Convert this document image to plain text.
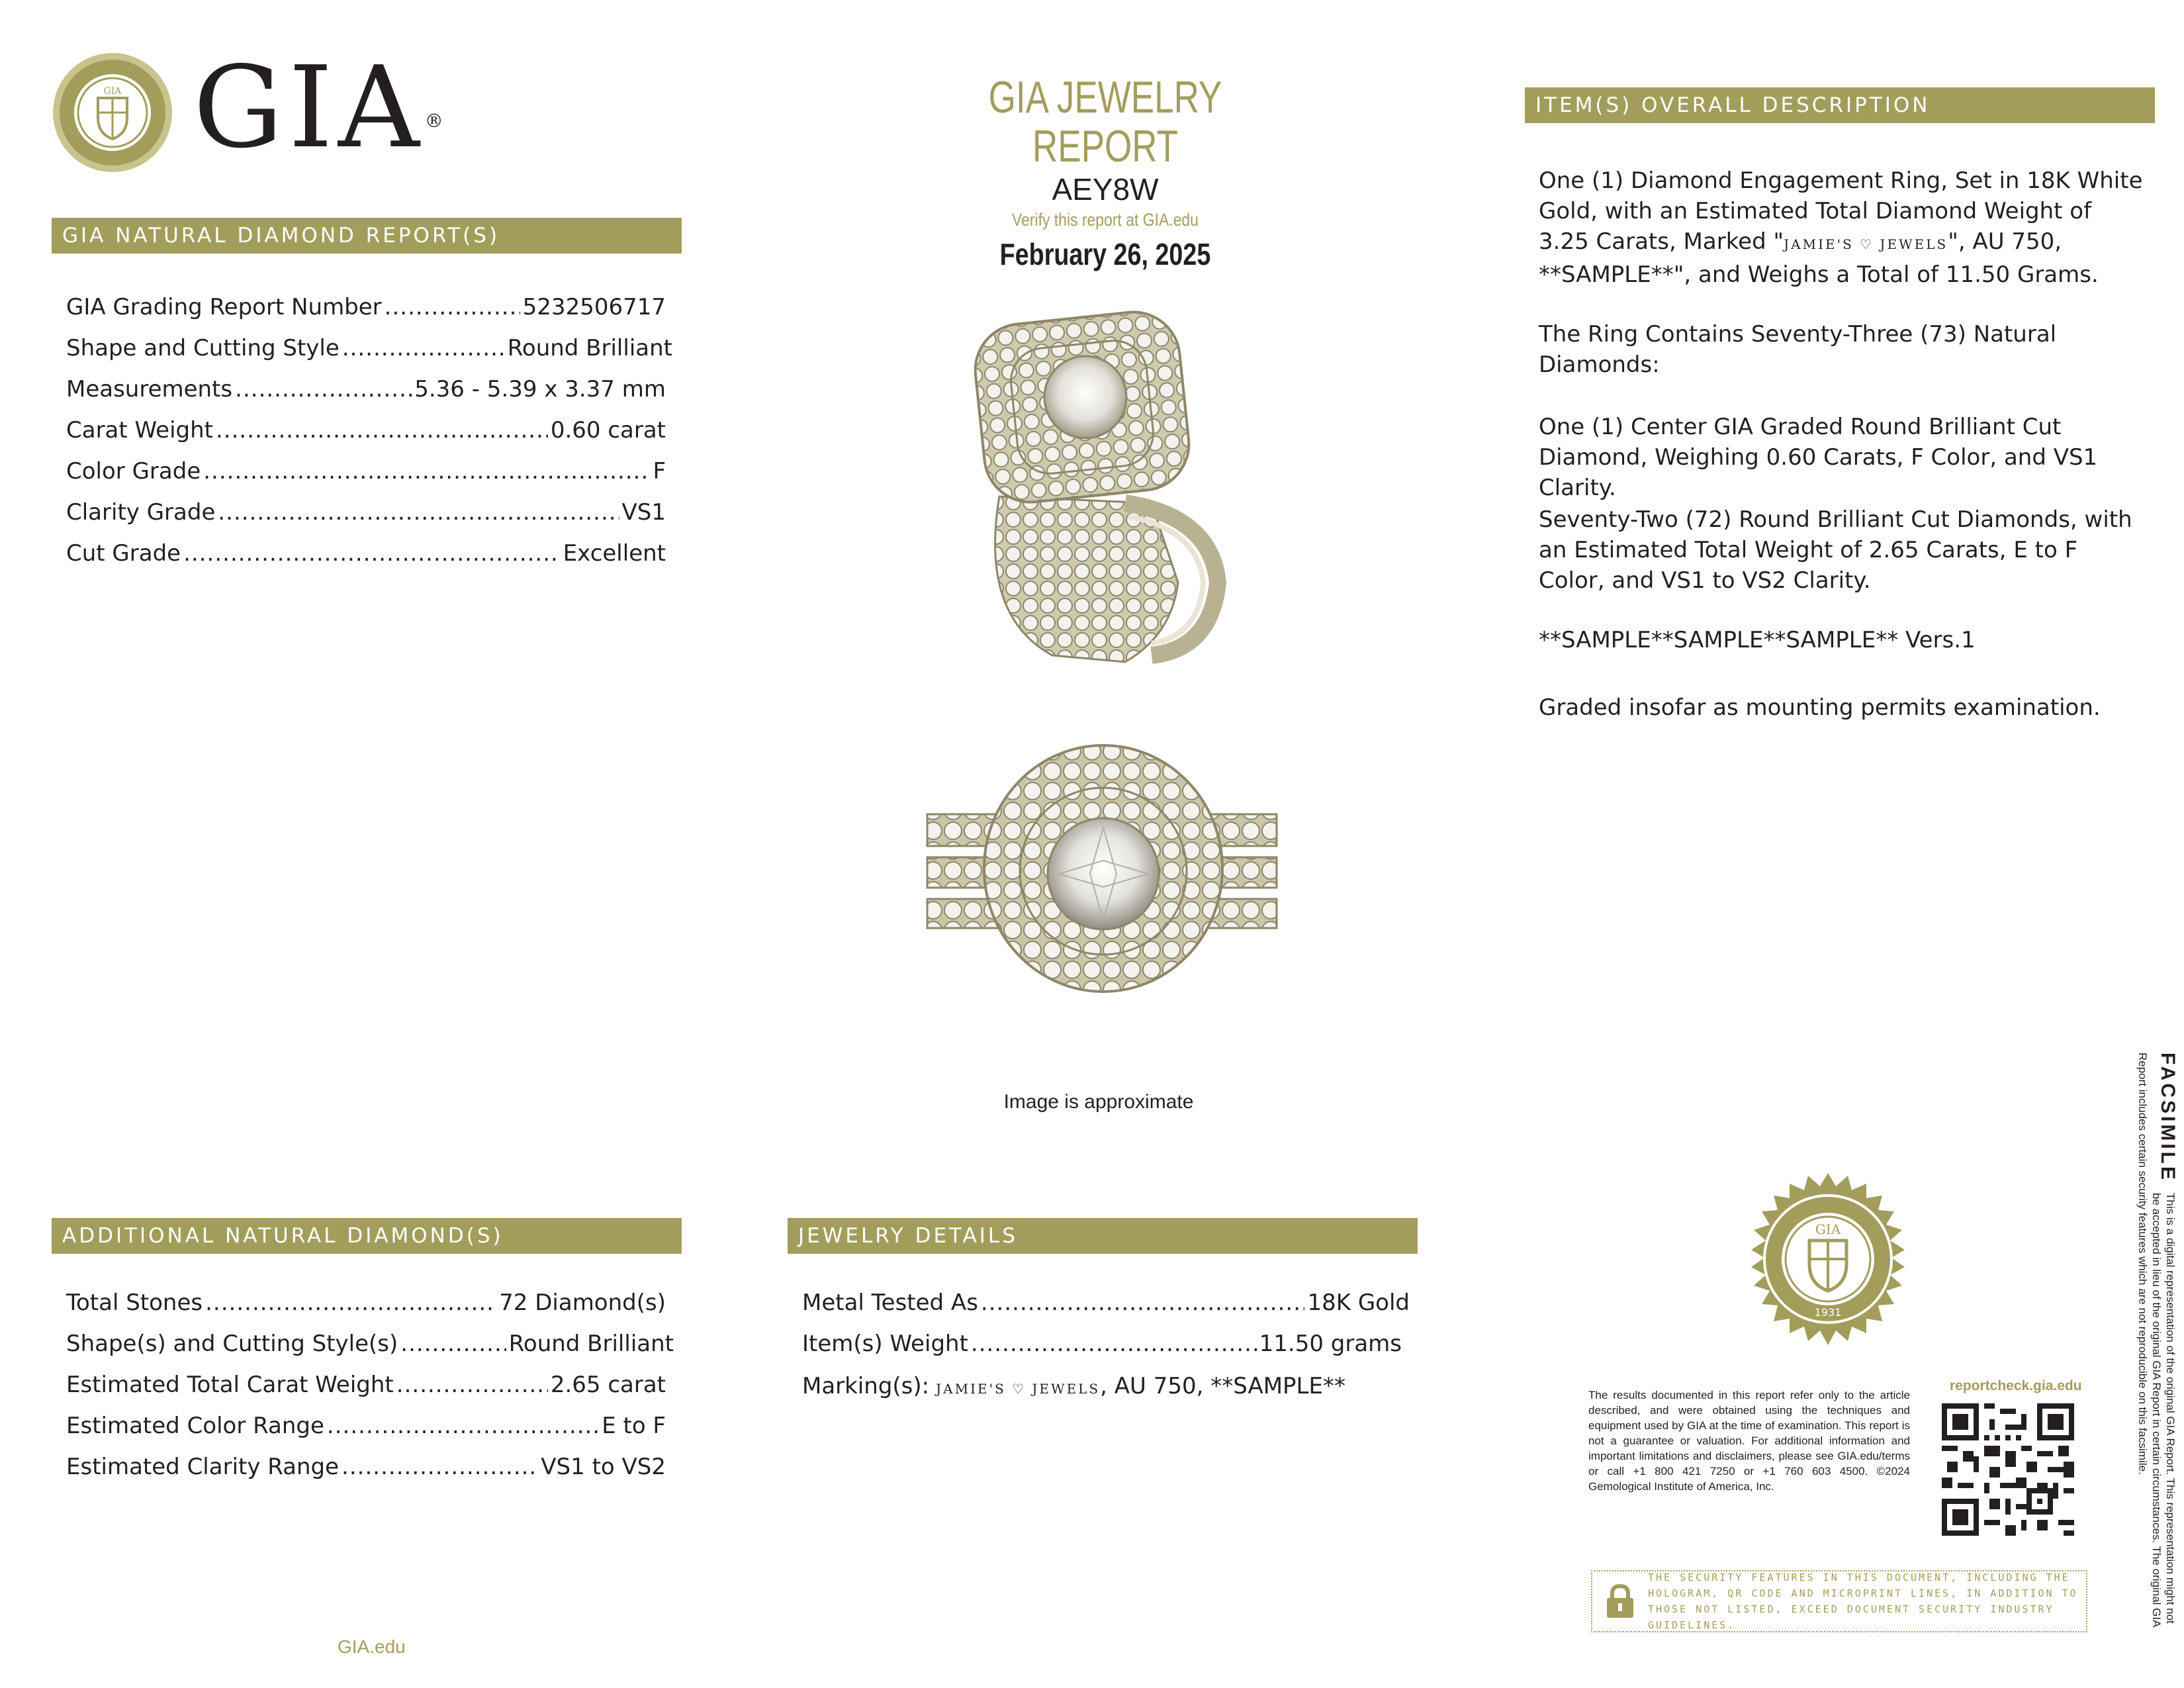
GIA GIA®	GIA JEWELRY REPORT
AEY8W
Verify this report at GIA.edu
February 26, 2025
GIA NATURAL DIAMOND REPORT(S)
GIA Grading Report Number .....	5232506717
Shape and Cutting Style .....	Round Brilliant
Measurements .....	5.36 - 5.39 x 3.37 mm
Carat Weight .....	0.60 carat
Color Grade .....	F
Clarity Grade .....	VS1
Cut Grade .....	Excellent
ITEM(S) OVERALL DESCRIPTION
One (1) Diamond Engagement Ring, Set in 18K White Gold, with an Estimated Total Diamond Weight of 3.25 Carats, Marked "JAMIE'S ♡ JEWELS", AU 750, **SAMPLE**", and Weighs a Total of 11.50 Grams.
The Ring Contains Seventy-Three (73) Natural Diamonds:
One (1) Center GIA Graded Round Brilliant Cut Diamond, Weighing 0.60 Carats, F Color, and VS1 Clarity.
Seventy-Two (72) Round Brilliant Cut Diamonds, with an Estimated Total Weight of 2.65 Carats, E to F Color, and VS1 to VS2 Clarity.
**SAMPLE**SAMPLE**SAMPLE** Vers.1
Graded insofar as mounting permits examination.
Image is approximate
ADDITIONAL NATURAL DIAMOND(S)
Total Stones .....	72 Diamond(s)
Shape(s) and Cutting Style(s) .....	Round Brilliant
Estimated Total Carat Weight .....	2.65 carat
Estimated Color Range .....	E to F
Estimated Clarity Range .....	VS1 to VS2
JEWELRY DETAILS
Metal Tested As .....	18K Gold
Item(s) Weight .....	11.50 grams
Marking(s): JAMIE'S ♡ JEWELS , AU 750, **SAMPLE**
GIA.edu
GIA
1931
The results documented in this report refer only to the article described, and were obtained using the techniques and equipment used by GIA at the time of examination. This report is not a guarantee or valuation. For additional information and important limitations and disclaimers, please see GIA.edu/terms or call +1 800 421 7250 or +1 760 603 4500. ©2024 Gemological Institute of America, Inc.
reportcheck.gia.edu
THE SECURITY FEATURES IN THIS DOCUMENT, INCLUDING THE HOLOGRAM, QR CODE AND MICROPRINT LINES, IN ADDITION TO THOSE NOT LISTED, EXCEED DOCUMENT SECURITY INDUSTRY GUIDELINES.
FACSIMILE
This is a digital representation of the original GIA Report. This representation might not be accepted in lieu of the original GIA Report in certain circumstances. The original GIA Report includes certain security features which are not reproducible on this facsimile.
